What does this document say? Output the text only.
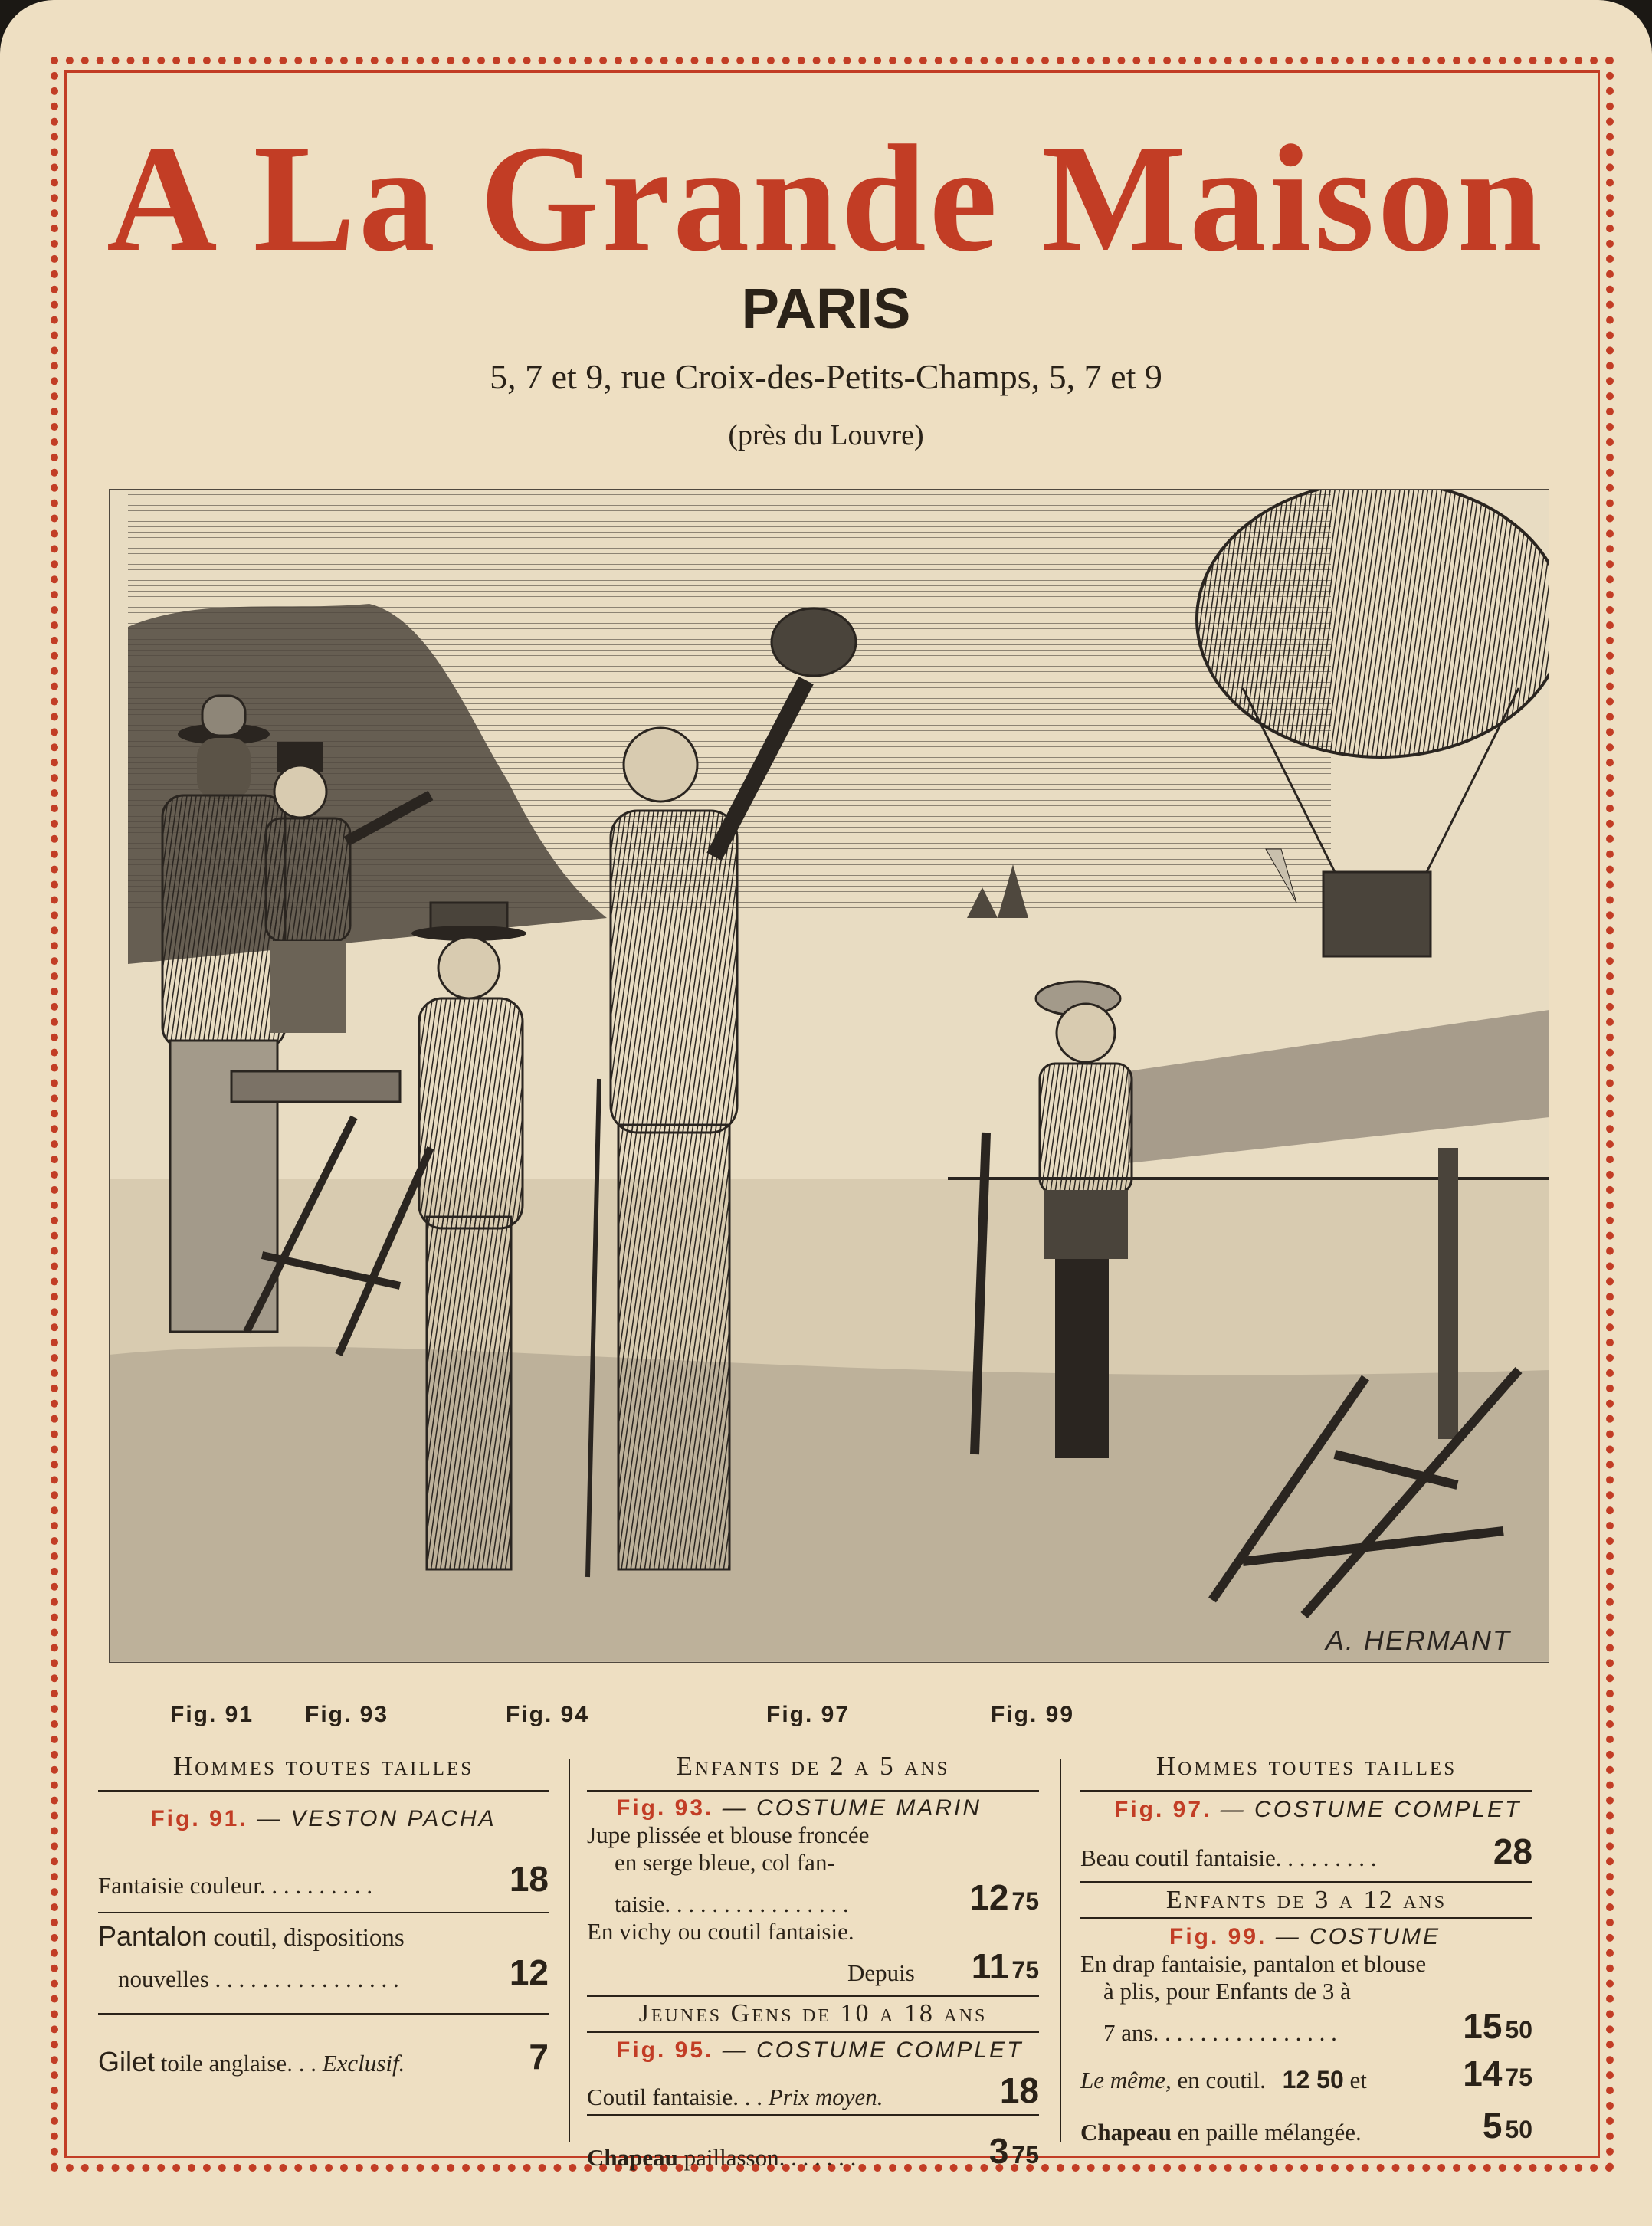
A La Grande Maison
PARIS
5, 7 et 9, rue Croix-des-Petits-Champs, 5, 7 et 9
(près du Louvre)
A. HERMANT
Fig. 91 Fig. 93	Fig. 94	Fig. 97	Fig. 99
Hommes toutes tailles
Fig. 91. — VESTON PACHA
Fantaisie couleur. . . . . . . . . .	18
Pantalon coutil, dispositions
nouvelles . . . . . . . . . . . . . . . .	12
Gilet toile anglaise. . . Exclusif.	7
Enfants de 2 a 5 ans
Fig. 93. — COSTUME MARIN
Jupe plissée et blouse froncée
en serge bleue, col fan-
taisie. . . . . . . . . . . . . . . .	12 75
En vichy ou coutil fantaisie.
Depuis 11 75
Jeunes Gens de 10 a 18 ans
Fig. 95. — COSTUME COMPLET
Coutil fantaisie. . . Prix moyen.	18
Chapeau paillasson. . . . . . .	3 75
Hommes toutes tailles
Fig. 97. — COSTUME COMPLET
Beau coutil fantaisie. . . . . . . . .	28
Enfants de 3 a 12 ans
Fig. 99. — COSTUME
En drap fantaisie, pantalon et blouse
à plis, pour Enfants de 3 à
7 ans. . . . . . . . . . . . . . . .	15 50
Le même, en coutil. 12 50 et	14 75
Chapeau en paille mélangée.	5 50
